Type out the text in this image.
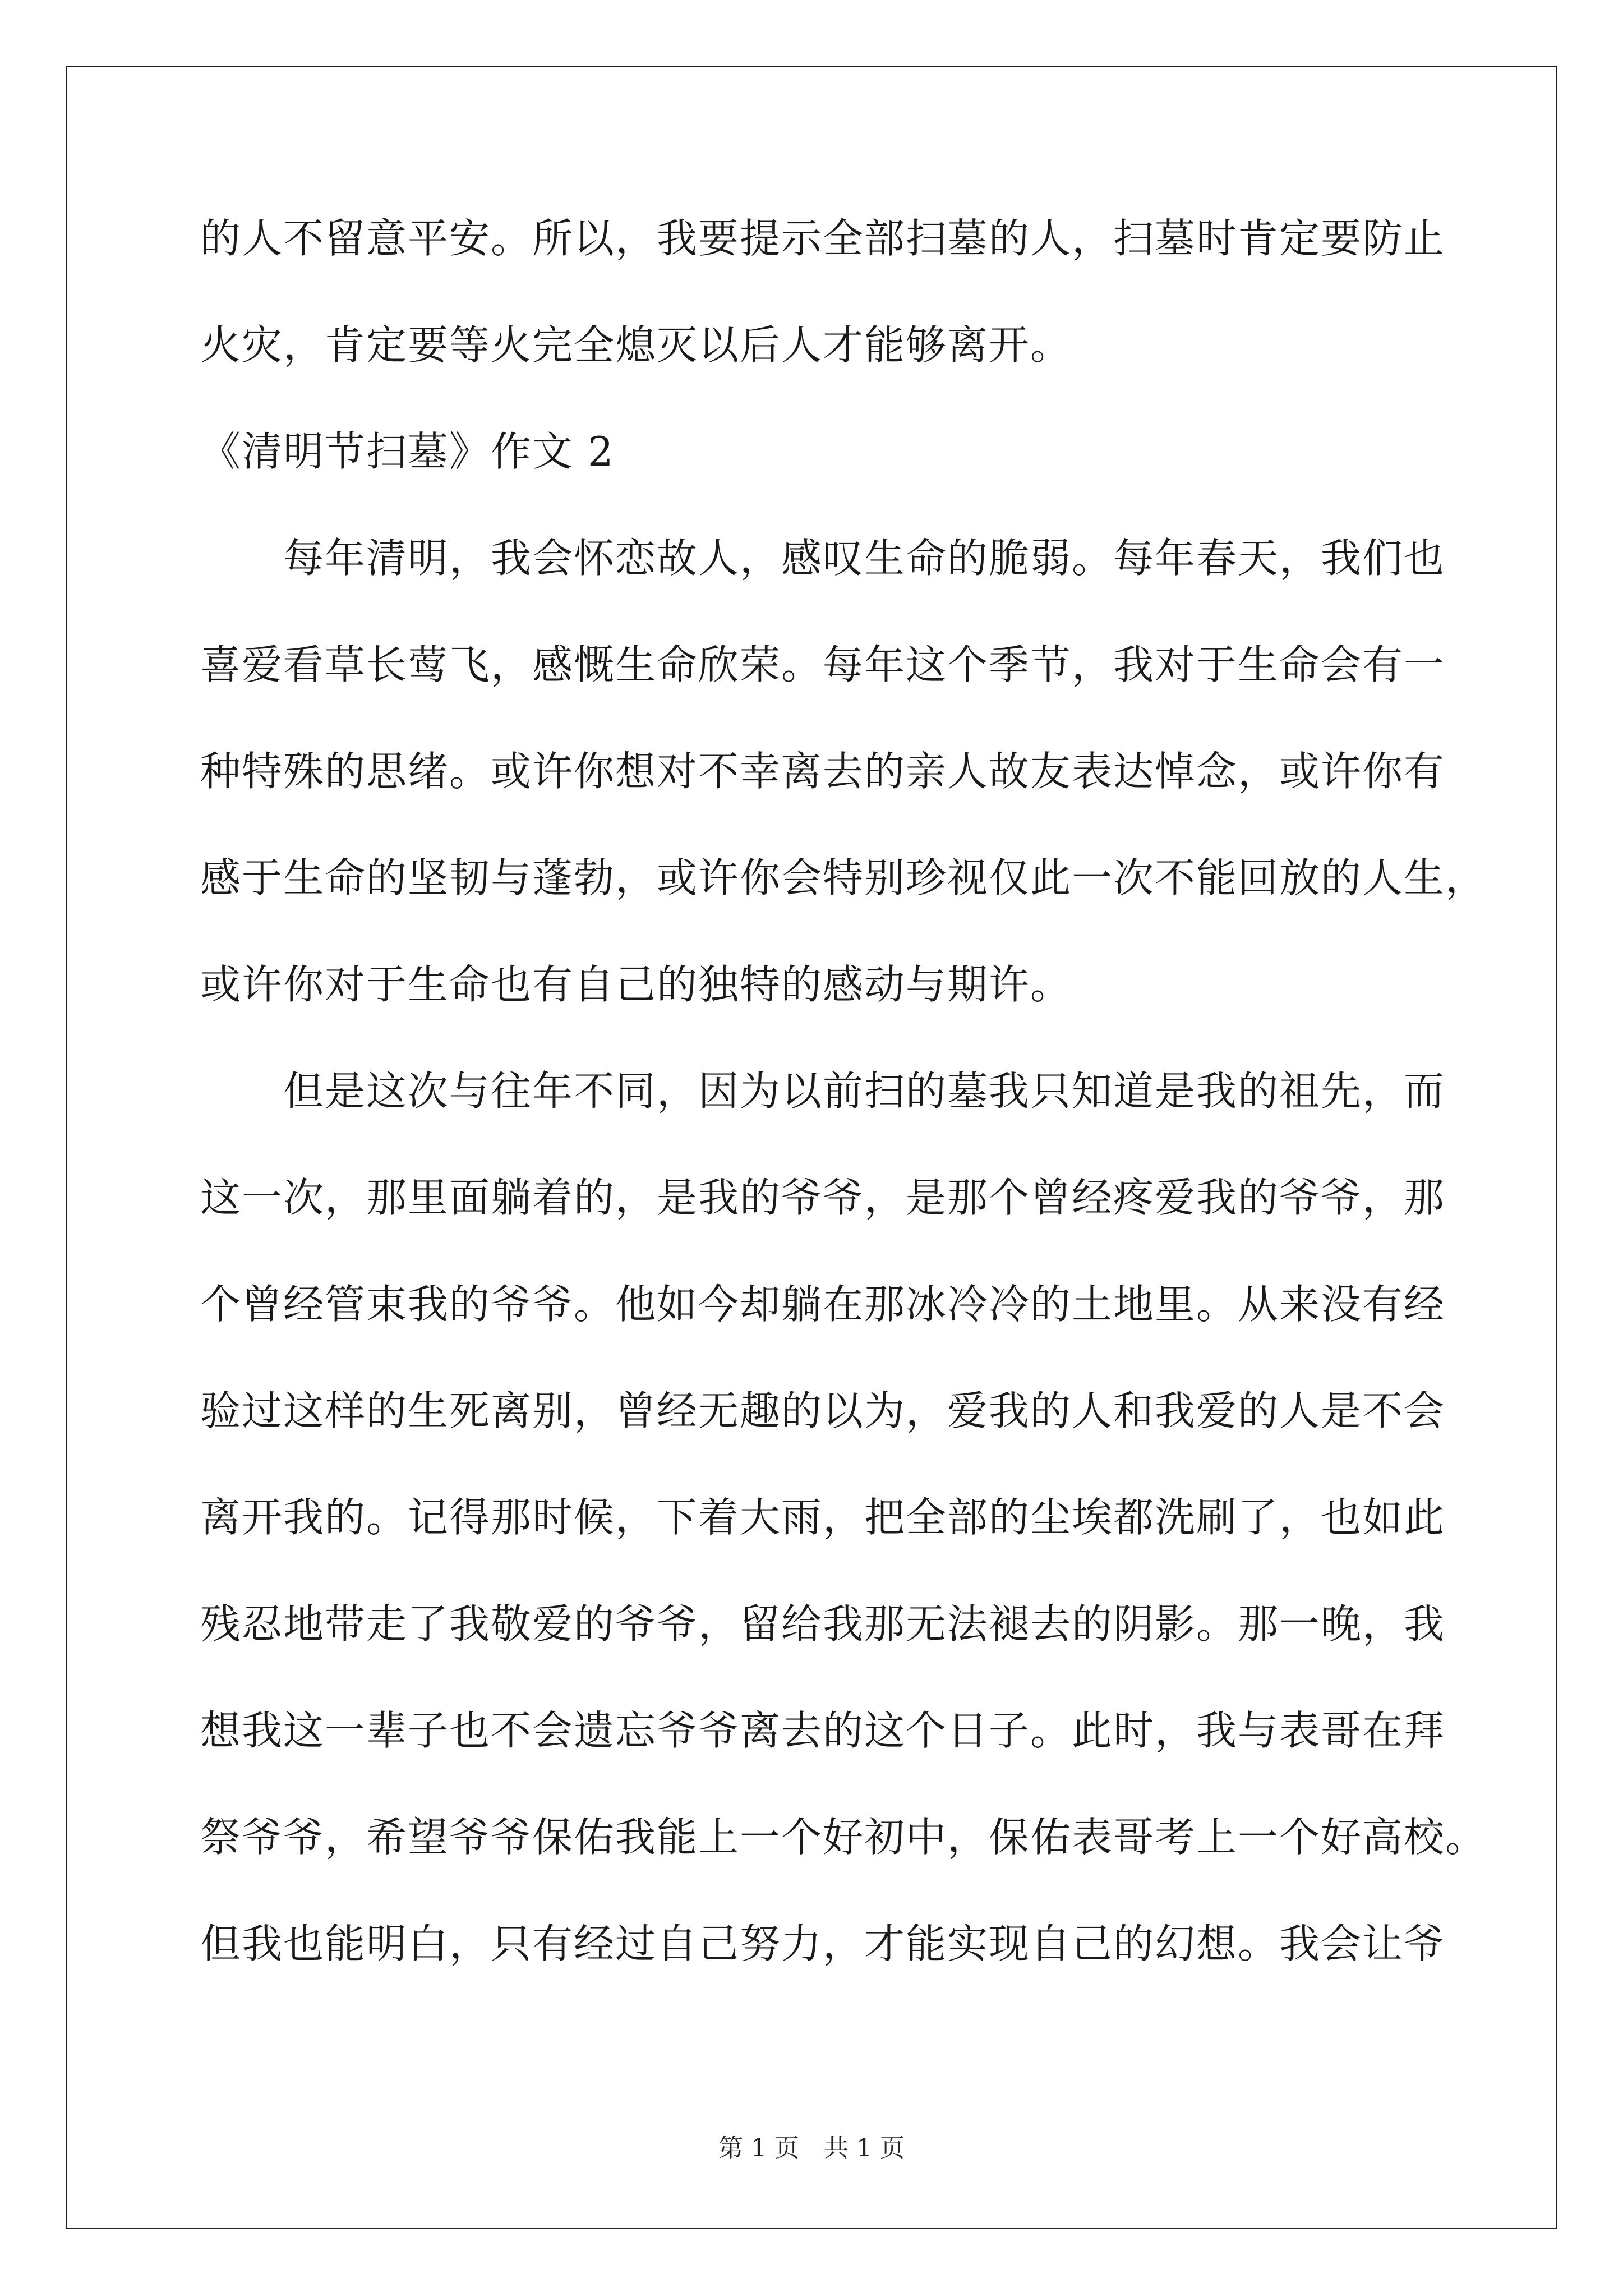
的人不留意平安。所以，我要提示全部扫墓的人，扫墓时肯定要防止
火灾，肯定要等火完全熄灭以后人才能够离开。
《清明节扫墓》作文 2
每年清明，我会怀恋故人，感叹生命的脆弱。每年春天，我们也
喜爱看草长莺飞，感慨生命欣荣。每年这个季节，我对于生命会有一
种特殊的思绪。或许你想对不幸离去的亲人故友表达悼念，或许你有
感于生命的坚韧与蓬勃，或许你会特别珍视仅此一次不能回放的人生，
或许你对于生命也有自己的独特的感动与期许。
但是这次与往年不同，因为以前扫的墓我只知道是我的祖先，而
这一次，那里面躺着的，是我的爷爷，是那个曾经疼爱我的爷爷，那
个曾经管束我的爷爷。他如今却躺在那冰冷冷的土地里。从来没有经
验过这样的生死离别，曾经无趣的以为，爱我的人和我爱的人是不会
离开我的。记得那时候，下着大雨，把全部的尘埃都洗刷了，也如此
残忍地带走了我敬爱的爷爷，留给我那无法褪去的阴影。那一晚，我
想我这一辈子也不会遗忘爷爷离去的这个日子。此时，我与表哥在拜
祭爷爷，希望爷爷保佑我能上一个好初中，保佑表哥考上一个好高校。
但我也能明白，只有经过自己努力，才能实现自己的幻想。我会让爷
第 1 页　共 1 页
